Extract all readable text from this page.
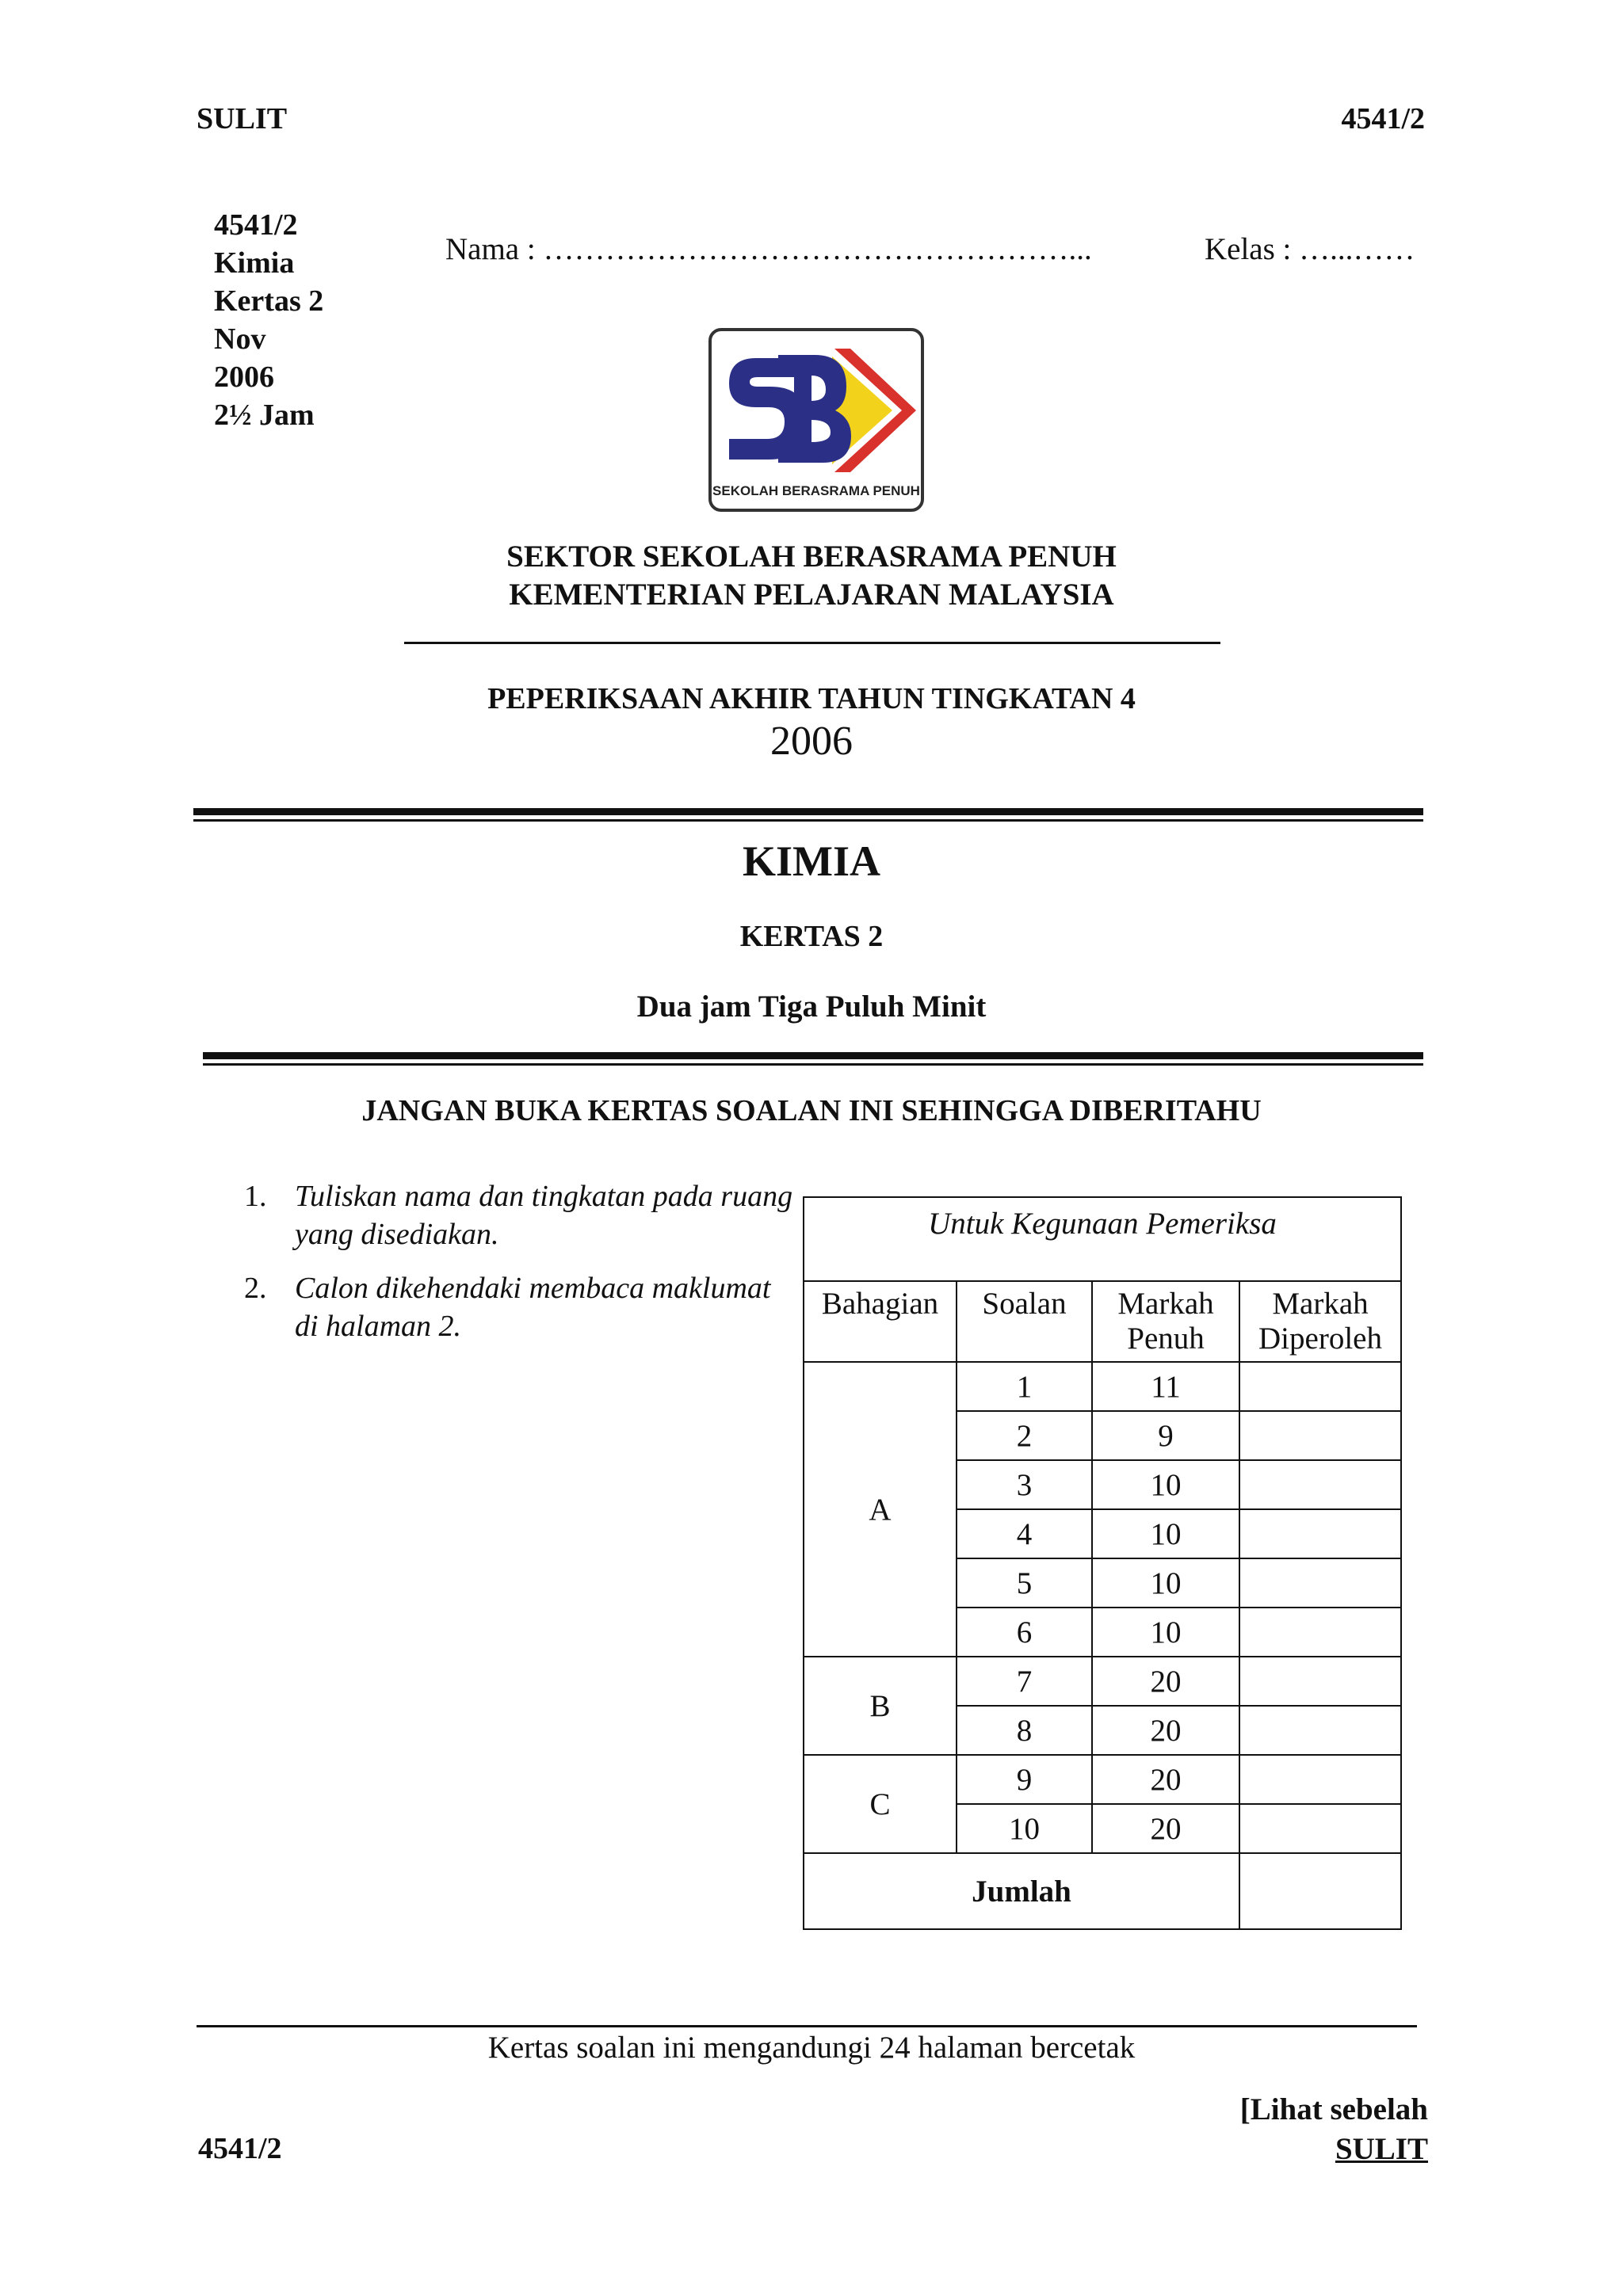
SULIT	4541/2
4541/2
Kimia
Kertas 2
Nov
2006
2½ Jam
Nama : ……………………………………………...	Kelas : …...……
SEKOLAH BERASRAMA PENUH
SEKTOR SEKOLAH BERASRAMA PENUH
KEMENTERIAN PELAJARAN MALAYSIA
PEPERIKSAAN AKHIR TAHUN TINGKATAN 4
2006
KIMIA
KERTAS 2
Dua jam Tiga Puluh Minit
JANGAN BUKA KERTAS SOALAN INI SEHINGGA DIBERITAHU
1. Tuliskan nama dan tingkatan pada ruang yang disediakan.
2. Calon dikehendaki membaca maklumat di halaman 2.
Untuk Kegunaan Pemeriksa			
Bahagian	Soalan	Markah Penuh	Markah Diperoleh
A	1	11	
	2	9	
	3	10	
	4	10	
	5	10	
	6	10	
B	7	20	
	8	20	
C	9	20	
	10	20	
Jumlah			
Kertas soalan ini mengandungi 24 halaman bercetak
[Lihat sebelah
4541/2	SULIT
